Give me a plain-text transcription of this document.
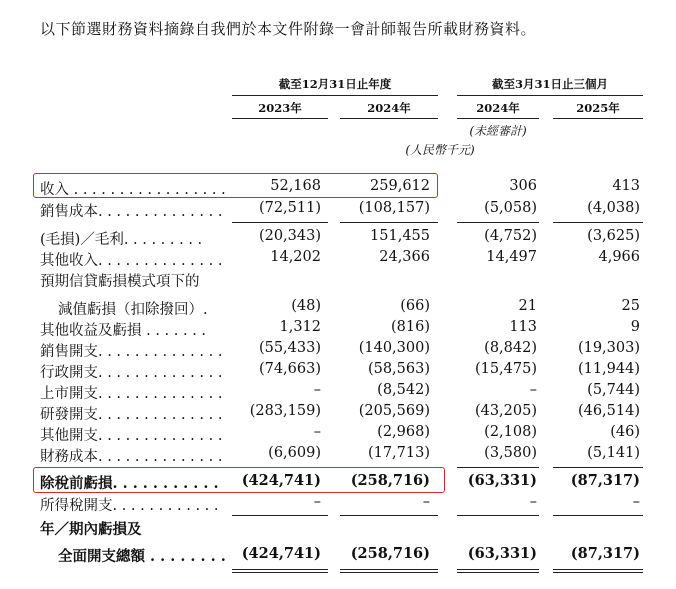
以下節選財務資料摘錄自我們於本文件附錄一會計師報告所載財務資料。
截至12月31日止年度	截至3月31日止三個月
2023年	2024年	2024年	2025年
(未經審計)
(人民幣千元)
收入 . . . . . . . . . . . . . . . . .	52,168	259,612	306	413
銷售成本. . . . . . . . . . . . . .	(72,511)	(108,157)	(5,058)	(4,038)
(毛損)／毛利. . . . . . . . .	(20,343)	151,455	(4,752)	(3,625)
其他收入. . . . . . . . . . . . . .	14,202	24,366	14,497	4,966
預期信貸虧損模式項下的
減值虧損（扣除撥回）.	(48)	(66)	21	25
其他收益及虧損 . . . . . . .	1,312	(816)	113	9
銷售開支. . . . . . . . . . . . . .	(55,433)	(140,300)	(8,842)	(19,303)
行政開支. . . . . . . . . . . . . .	(74,663)	(58,563)	(15,475)	(11,944)
上市開支. . . . . . . . . . . . . .	–	(8,542)	–	(5,744)
研發開支. . . . . . . . . . . . . . (283,159)	(205,569)	(43,205)	(46,514)
其他開支. . . . . . . . . . . . . .	–	(2,968)	(2,108)	(46)
財務成本. . . . . . . . . . . . . .	(6,609)	(17,713)	(3,580)	(5,141)
除稅前虧損. . . . . . . . . . . (424,741) (258,716)	(63,331) (87,317)
所得稅開支. . . . . . . . . . . .	–	–	–	–
年／期內虧損及
全面開支總額 . . . . . . . . (424,741) (258,716)	(63,331) (87,317)
